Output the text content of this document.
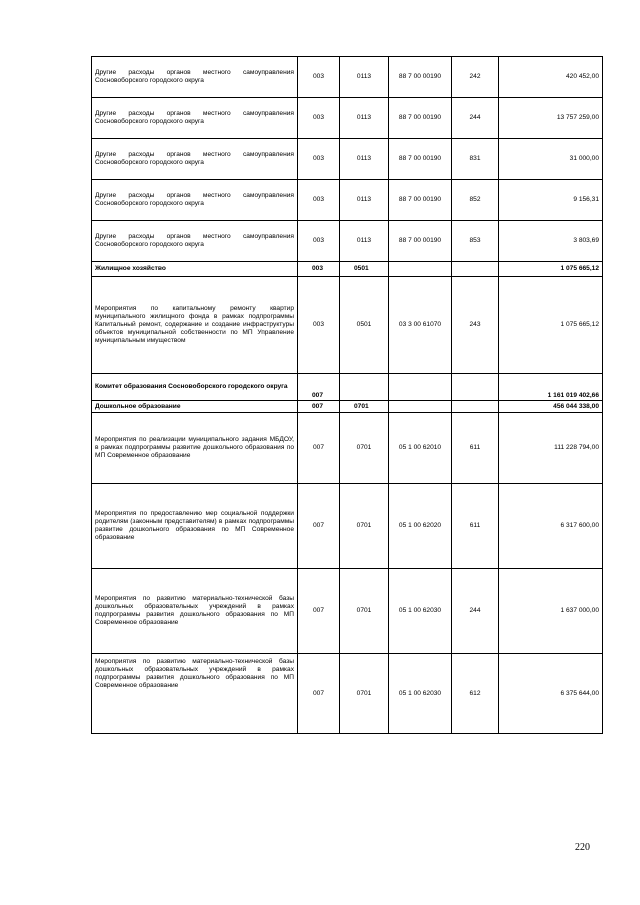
Другие расходы органов местного самоуправления Сосновоборского городского округа	003	0113	88 7 00 00190	242	420 452,00

Другие расходы органов местного самоуправления Сосновоборского городского округа	003	0113	88 7 00 00190	244	13 757 259,00

Другие расходы органов местного самоуправления Сосновоборского городского округа	003	0113	88 7 00 00190	831	31 000,00

Другие расходы органов местного самоуправления Сосновоборского городского округа	003	0113	88 7 00 00190	852	9 156,31

Другие расходы органов местного самоуправления Сосновоборского городского округа	003	0113	88 7 00 00190	853	3 803,69

Жилищное хозяйство	003	0501			1 075 665,12

Мероприятия по капитальному ремонту квартир муниципального жилищного фонда в рамках подпрограммы Капитальный ремонт, содержание и создание инфраструктуры объектов муниципальной собственности по МП Управление муниципальным имуществом	003	0501	03 3 00 61070	243	1 075 665,12

Комитет образования Сосновоборского городского округа	007				1 161 019 402,66

Дошкольное образование	007	0701			456 044 338,00

Мероприятия по реализации муниципального задания МБДОУ, в рамках подпрограммы развитие дошкольного образования по МП Современное образование	007	0701	05 1 00 62010	611	111 228 794,00

Мероприятия по предоставлению мер социальной поддержки родителям (законным представителям) в рамках подпрограммы развитие дошкольного образования по МП Современное образование	007	0701	05 1 00 62020	611	6 317 600,00

Мероприятия по развитию материально-технической базы дошкольных образовательных учреждений в рамках подпрограммы развития дошкольного образования по МП Современное образование	007	0701	05 1 00 62030	244	1 637 000,00

Мероприятия по развитию материально-технической базы дошкольных образовательных учреждений в рамках подпрограммы развития дошкольного образования по МП Современное образование	007	0701	05 1 00 62030	612	6 375 644,00
220
